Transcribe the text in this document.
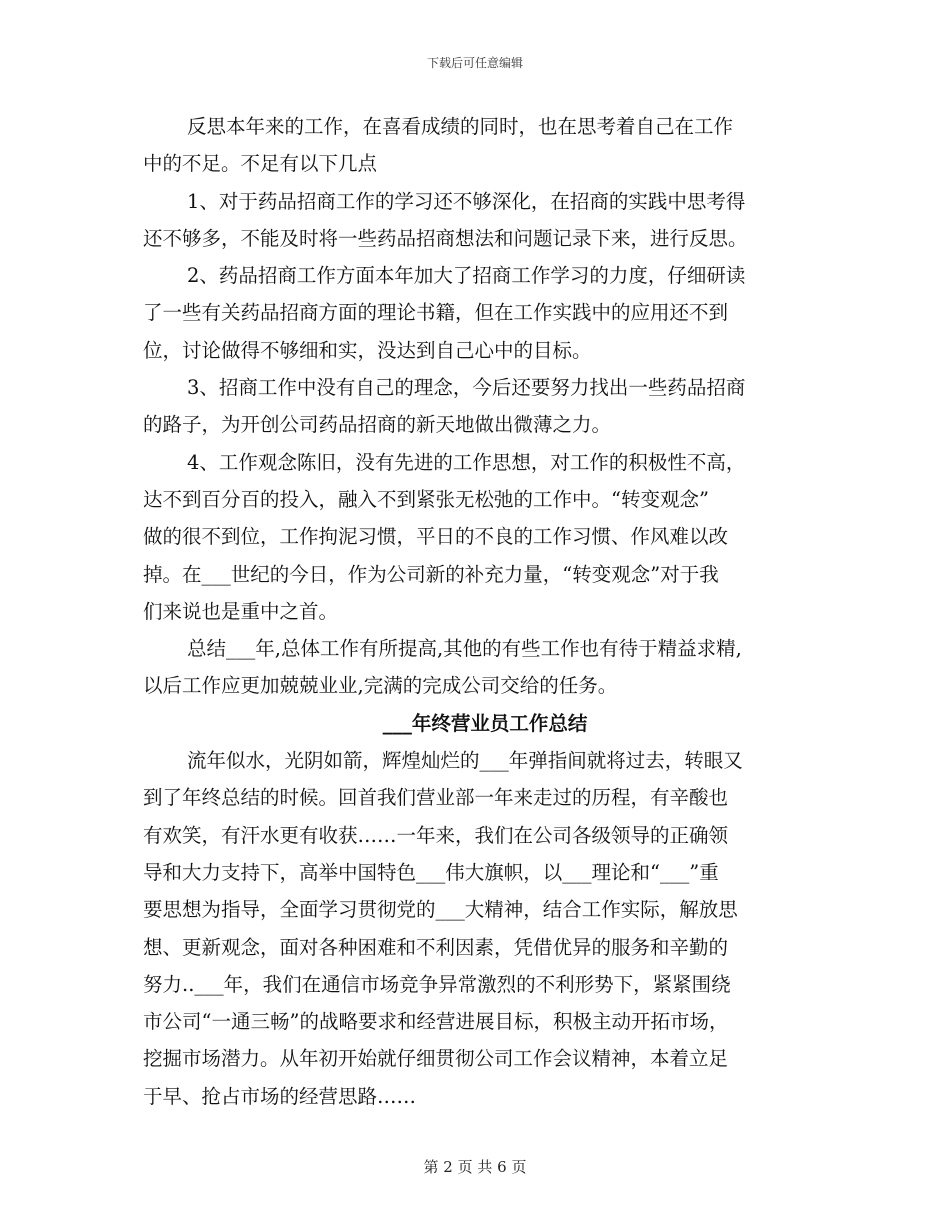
下载后可任意编辑
反思本年来的工作，在喜看成绩的同时，也在思考着自己在工作
中的不足。不足有以下几点
1、对于药品招商工作的学习还不够深化，在招商的实践中思考得
还不够多，不能及时将一些药品招商想法和问题记录下来，进行反思。
2、药品招商工作方面本年加大了招商工作学习的力度，仔细研读
了一些有关药品招商方面的理论书籍，但在工作实践中的应用还不到
位，讨论做得不够细和实，没达到自己心中的目标。
3、招商工作中没有自己的理念，今后还要努力找出一些药品招商
的路子，为开创公司药品招商的新天地做出微薄之力。
4、工作观念陈旧，没有先进的工作思想，对工作的积极性不高，
达不到百分百的投入，融入不到紧张无松弛的工作中。“转变观念”
做的很不到位，工作拘泥习惯，平日的不良的工作习惯、作风难以改
掉。在___世纪的今日，作为公司新的补充力量，“转变观念”对于我
们来说也是重中之首。
总结___年,总体工作有所提高,其他的有些工作也有待于精益求精,
以后工作应更加兢兢业业,完满的完成公司交给的任务。
___年终营业员工作总结
流年似水，光阴如箭，辉煌灿烂的___年弹指间就将过去，转眼又
到了年终总结的时候。回首我们营业部一年来走过的历程，有辛酸也
有欢笑，有汗水更有收获……一年来，我们在公司各级领导的正确领
导和大力支持下，高举中国特色___伟大旗帜，以___理论和“___”重
要思想为指导，全面学习贯彻党的___大精神，结合工作实际，解放思
想、更新观念，面对各种困难和不利因素，凭借优异的服务和辛勤的
努力..___年，我们在通信市场竞争异常激烈的不利形势下，紧紧围绕
市公司“一通三畅”的战略要求和经营进展目标，积极主动开拓市场，
挖掘市场潜力。从年初开始就仔细贯彻公司工作会议精神，本着立足
于早、抢占市场的经营思路……
第 2 页 共 6 页
